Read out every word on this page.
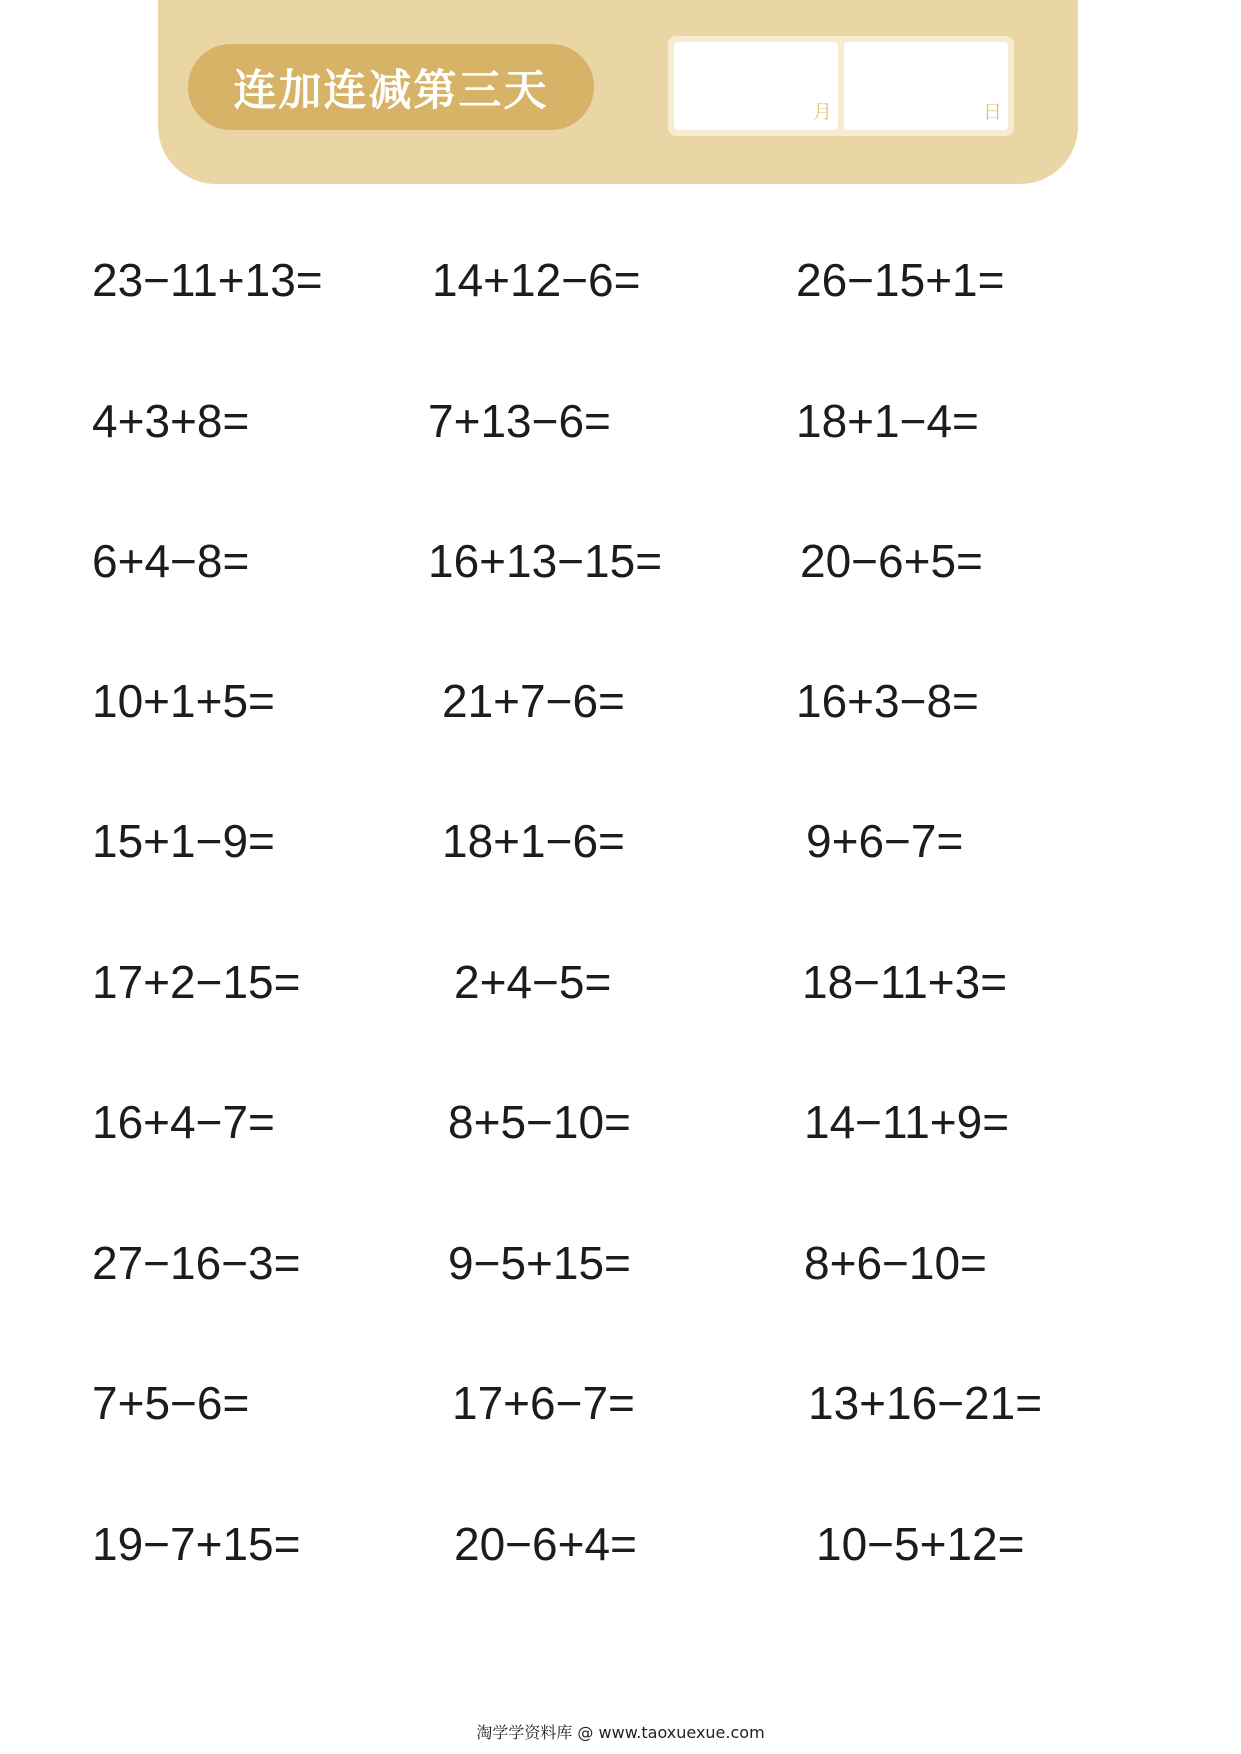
连加连减第三天	月	日
23−11+13= 14+12−6=	26−15+1=
4+3+8=	7+13−6=	18+1−4=
6+4−8=	16+13−15=	20−6+5=
10+1+5=	21+7−6=	16+3−8=
15+1−9=	18+1−6=	9+6−7=
17+2−15=	2+4−5=	18−11+3=
16+4−7=	8+5−10=	14−11+9=
27−16−3=	9−5+15=	8+6−10=
7+5−6=	17+6−7=	13+16−21=
19−7+15=	20−6+4=	10−5+12=
淘学学资料库 @ www.taoxuexue.com
